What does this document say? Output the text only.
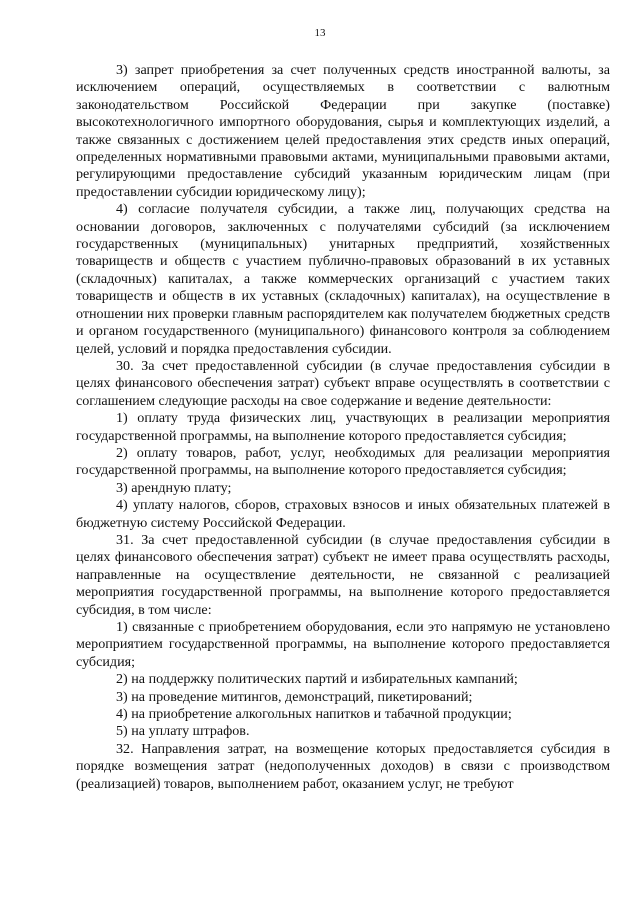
13

3) запрет приобретения за счет полученных средств иностранной валюты, за исключением операций, осуществляемых в соответствии с валютным законодательством Российской Федерации при закупке (поставке) высокотехнологичного импортного оборудования, сырья и комплектующих изделий, а также связанных с достижением целей предоставления этих средств иных операций, определенных нормативными правовыми актами, муниципальными правовыми актами, регулирующими предоставление субсидий указанным юридическим лицам (при предоставлении субсидии юридическому лицу);

4) согласие получателя субсидии, а также лиц, получающих средства на основании договоров, заключенных с получателями субсидий (за исключением государственных (муниципальных) унитарных предприятий, хозяйственных товариществ и обществ с участием публично-правовых образований в их уставных (складочных) капиталах, а также коммерческих организаций с участием таких товариществ и обществ в их уставных (складочных) капиталах), на осуществление в отношении них проверки главным распорядителем как получателем бюджетных средств и органом государственного (муниципального) финансового контроля за соблюдением целей, условий и порядка предоставления субсидии.

30. За счет предоставленной субсидии (в случае предоставления субсидии в целях финансового обеспечения затрат) субъект вправе осуществлять в соответствии с соглашением следующие расходы на свое содержание и ведение деятельности:

1) оплату труда физических лиц, участвующих в реализации мероприятия государственной программы, на выполнение которого предоставляется субсидия;

2) оплату товаров, работ, услуг, необходимых для реализации мероприятия государственной программы, на выполнение которого предоставляется субсидия;

3) арендную плату;

4) уплату налогов, сборов, страховых взносов и иных обязательных платежей в бюджетную систему Российской Федерации.

31. За счет предоставленной субсидии (в случае предоставления субсидии в целях финансового обеспечения затрат) субъект не имеет права осуществлять расходы, направленные на осуществление деятельности, не связанной с реализацией мероприятия государственной программы, на выполнение которого предоставляется субсидия, в том числе:

1) связанные с приобретением оборудования, если это напрямую не установлено мероприятием государственной программы, на выполнение которого предоставляется субсидия;

2) на поддержку политических партий и избирательных кампаний;

3) на проведение митингов, демонстраций, пикетирований;

4) на приобретение алкогольных напитков и табачной продукции;

5) на уплату штрафов.

32. Направления затрат, на возмещение которых предоставляется субсидия в порядке возмещения затрат (недополученных доходов) в связи с производством (реализацией) товаров, выполнением работ, оказанием услуг, не требуют
